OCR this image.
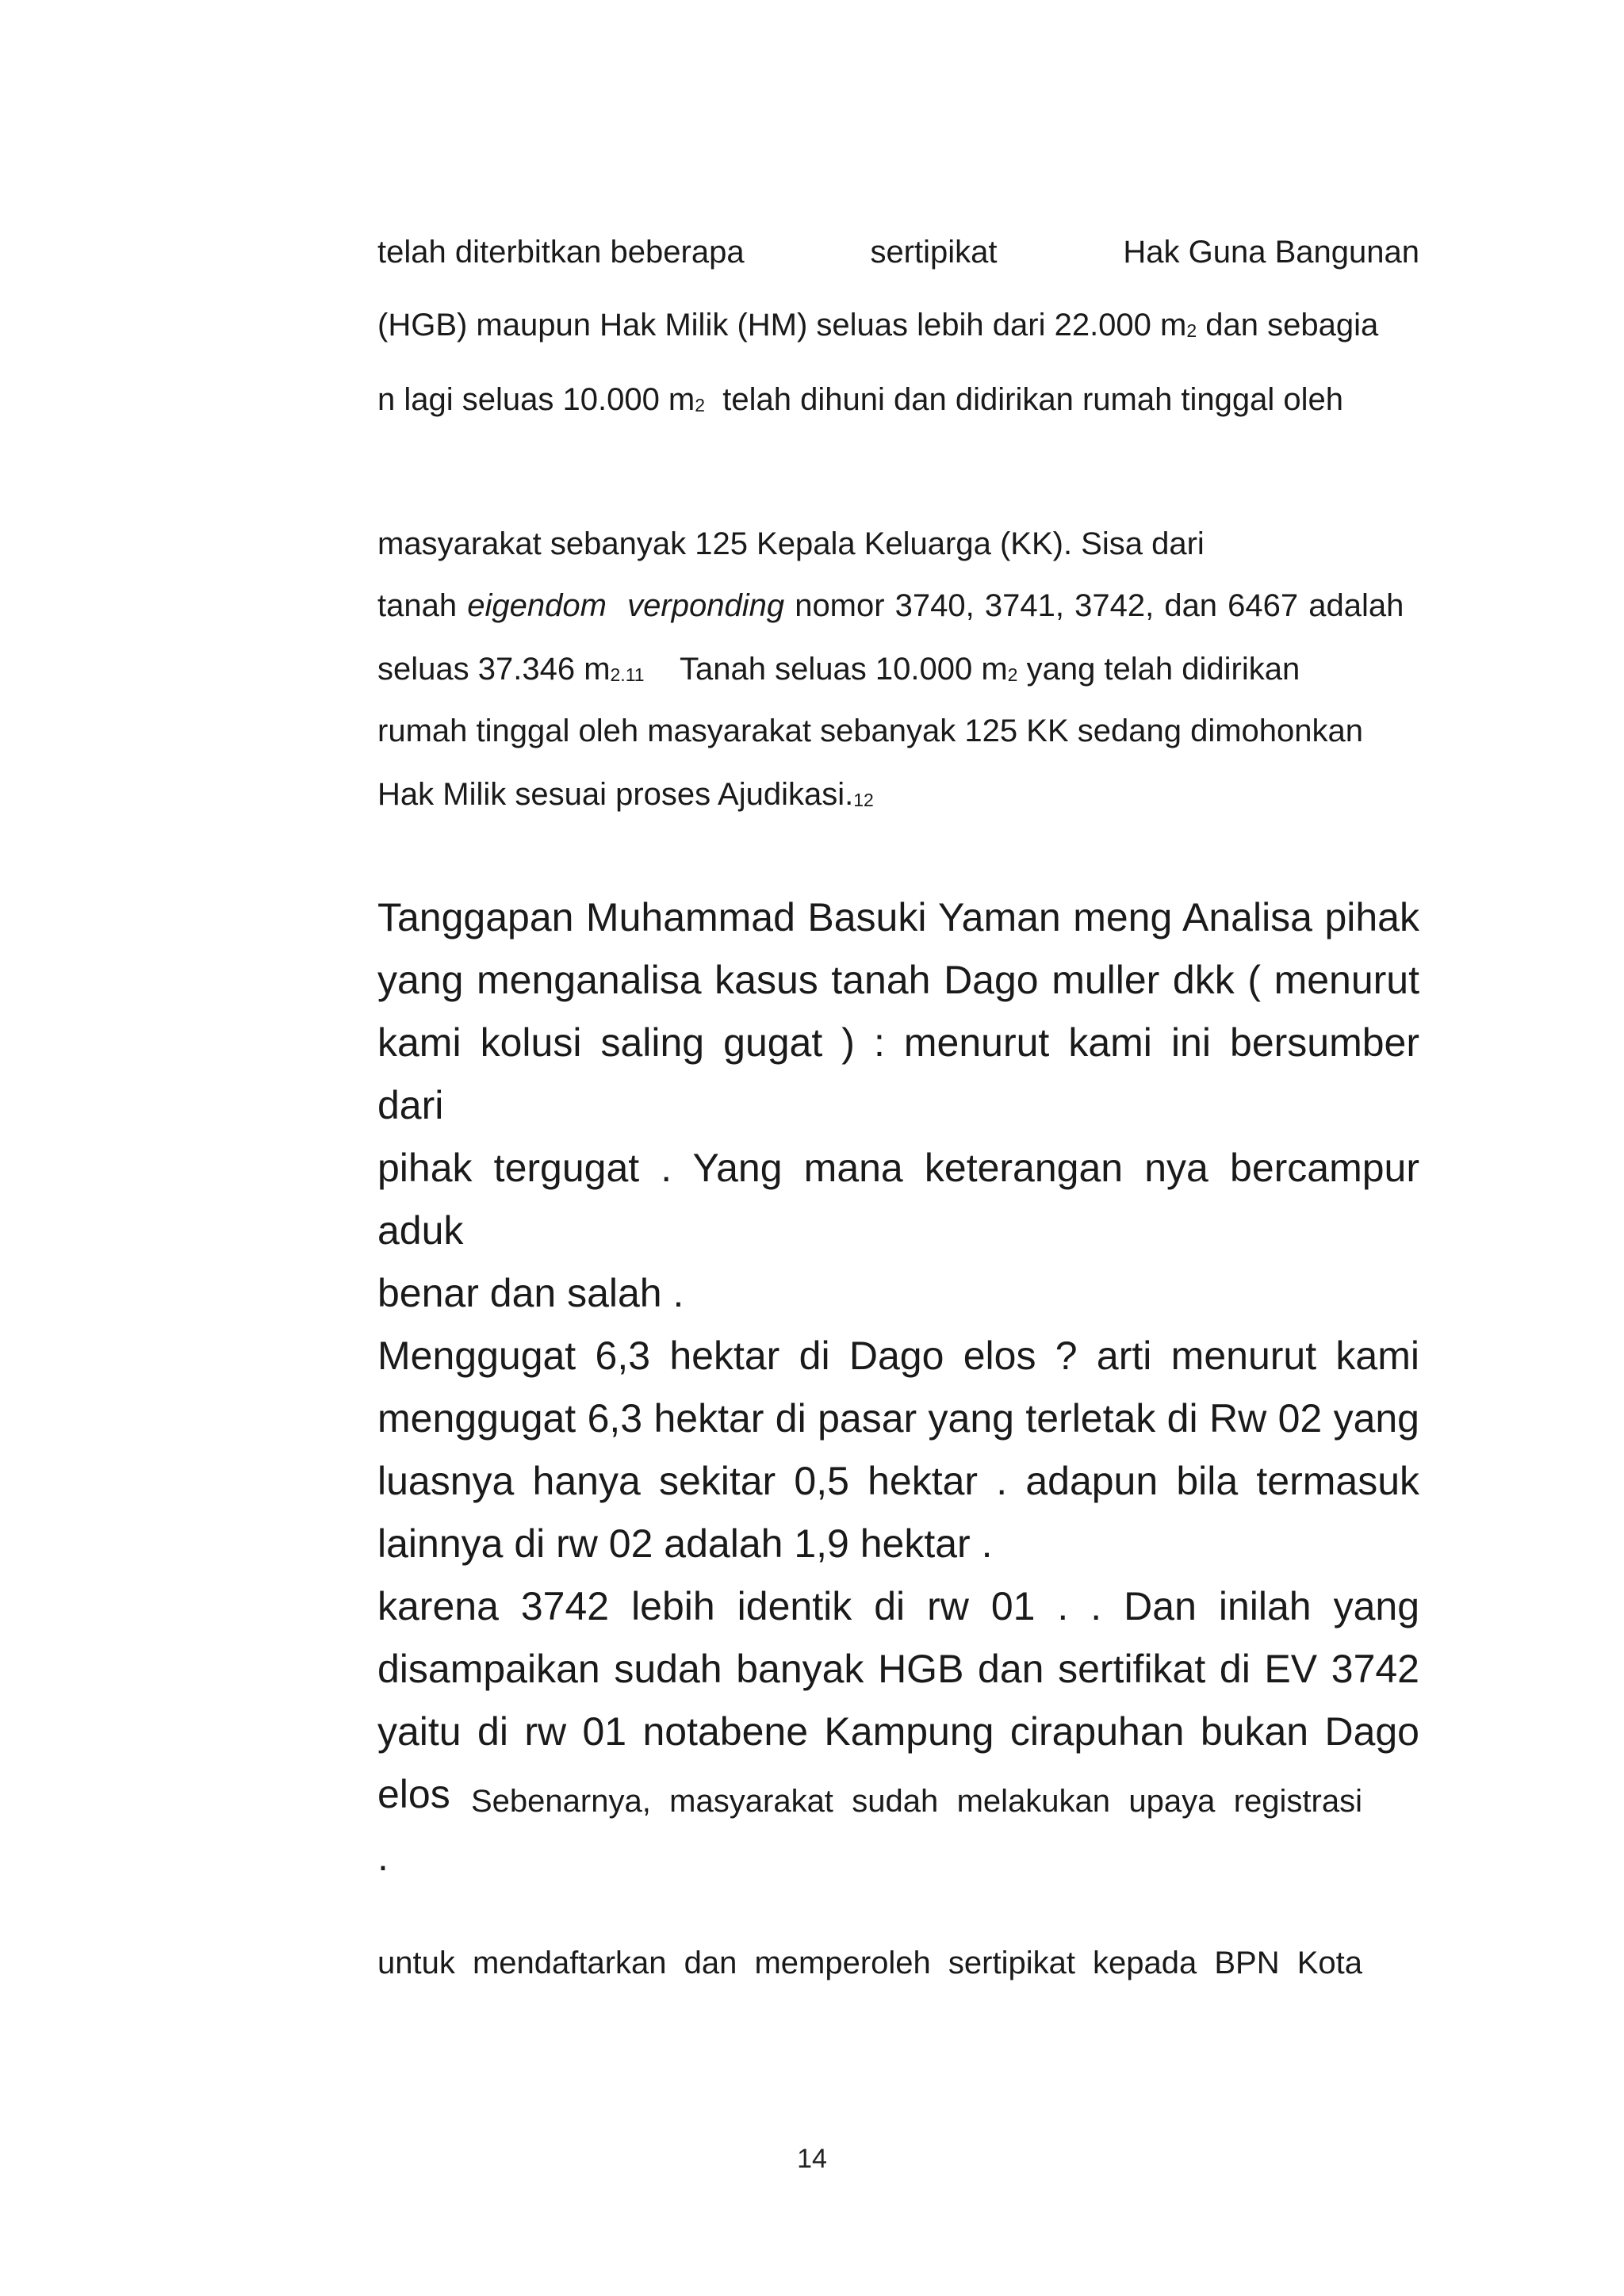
telah diterbitkan beberapa	sertipikat	Hak Guna Bangunan
(HGB) maupun Hak Milik (HM) seluas lebih dari 22.000 m2 dan sebagia
n lagi seluas 10.000 m2  telah dihuni dan didirikan rumah tinggal oleh
masyarakat sebanyak 125 Kepala Keluarga (KK). Sisa dari
tanah eigendom verponding nomor 3740, 3741, 3742, dan 6467 adalah
seluas 37.346 m2.11 Tanah seluas 10.000 m2 yang telah didirikan
rumah tinggal oleh masyarakat sebanyak 125 KK sedang dimohonkan
Hak Milik sesuai proses Ajudikasi.12
Tanggapan Muhammad Basuki Yaman meng Analisa pihak
yang menganalisa kasus tanah Dago muller dkk ( menurut
kami kolusi saling gugat ) : menurut kami ini bersumber dari
pihak tergugat . Yang mana keterangan nya bercampur aduk
benar dan salah .
Menggugat 6,3 hektar di Dago elos ? arti menurut kami
menggugat 6,3 hektar di pasar yang terletak di Rw 02 yang
luasnya hanya sekitar 0,5 hektar . adapun bila termasuk
lainnya di rw 02 adalah 1,9 hektar .
karena 3742 lebih identik di rw 01 . . Dan inilah yang
disampaikan sudah banyak HGB dan sertifikat di EV 3742
yaitu di rw 01 notabene Kampung cirapuhan bukan Dago elos
.
Sebenarnya, masyarakat sudah melakukan upaya registrasi
untuk mendaftarkan dan memperoleh sertipikat kepada BPN Kota
14
